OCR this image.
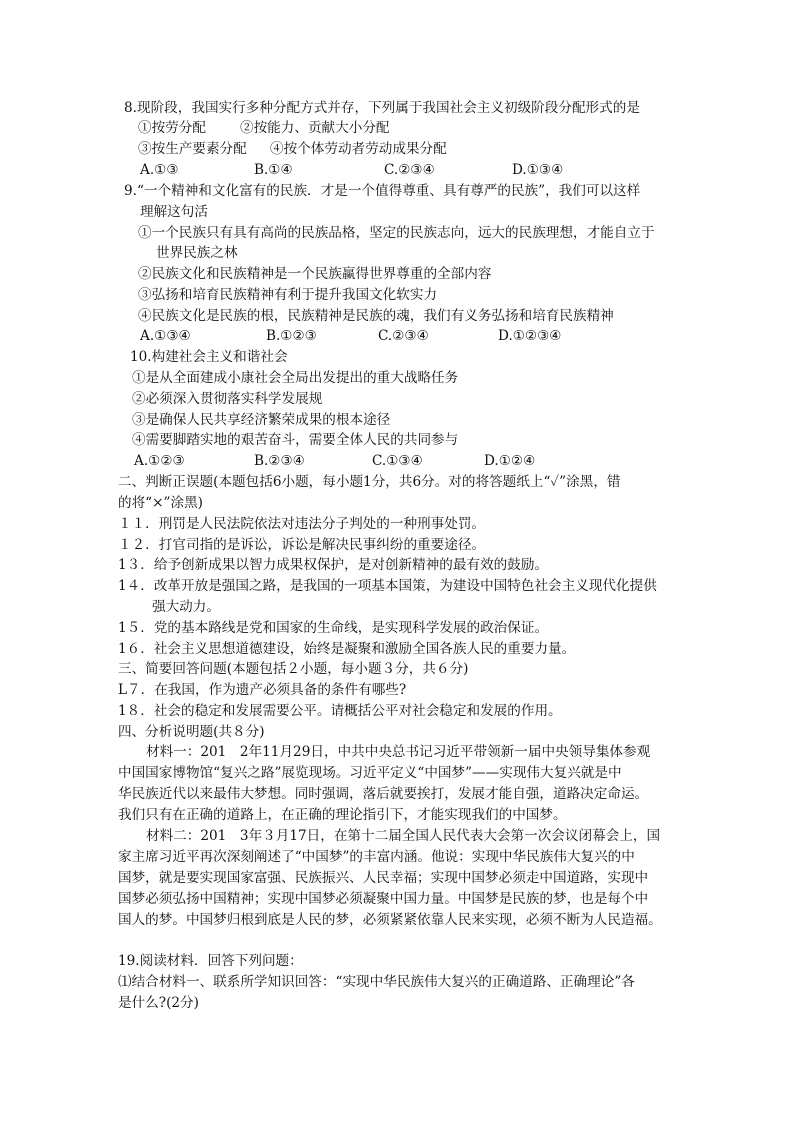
8.现阶段，我国实行多种分配方式并存，下列属于我国社会主义初级阶段分配形式的是
①按劳分配	②按能力、贡献大小分配
③按生产要素分配 ④按个体劳动者劳动成果分配
A.①③	B.①④	C.②③④	D.①③④
9.“一个精神和文化富有的民族．才是一个值得尊重、具有尊严的民族”，我们可以这样
理解这句活
①一个民族只有具有高尚的民族品格，坚定的民族志向，远大的民族理想，才能自立于
世界民族之林
②民族文化和民族精神是一个民族赢得世界尊重的全部内容
③弘扬和培育民族精神有利于提升我国文化软实力
④民族文化是民族的根，民族精神是民族的魂，我们有义务弘扬和培育民族精神
A.①③④	B.①②③	C.②③④	D.①②③④
10.构建社会主义和谐社会
①是从全面建成小康社会全局出发提出的重大战略任务
②必须深入贯彻落实科学发展规
③是确保人民共享经济繁荣成果的根本途径
④需要脚踏实地的艰苦奋斗，需要全体人民的共同参与
A.①②③	B.②③④	C.①③④	D.①②④
二、判断正误题(本题包括6小题，每小题1分，共6分。对的将答题纸上“✓”涂黑，错
的将“×”涂黑)
１１．刑罚是人民法院依法对违法分子判处的一种刑事处罚。
１２．打官司指的是诉讼，诉讼是解决民事纠纷的重要途径。
1３．给予创新成果以智力成果权保护，是对创新精神的最有效的鼓励。
1４．改革开放是强国之路，是我国的一项基本国策，为建设中国特色社会主义现代化提供
强大动力。
1５．党的基本路线是党和国家的生命线，是实现科学发展的政治保证。
1６．社会主义思想道德建设，始终是凝聚和激励全国各族人民的重要力量。
三、简要回答问题(本题包括２小题，每小题３分，共６分)
L７．在我国，作为遗产必须具备的条件有哪些?
1８．社会的稳定和发展需要公平。请概括公平对社会稳定和发展的作用。
四、分析说明题(共８分)
材料一：201　2年11月29日，中共中央总书记习近平带领新一届中央领导集体参观
中国国家博物馆“复兴之路”展览现场。习近平定义“中国梦”——实现伟大复兴就是中
华民族近代以来最伟大梦想。同时强调，落后就要挨打，发展才能自强，道路决定命运。
我们只有在正确的道路上，在正确的理论指引下，才能实现我们的中国梦。
材料二：201　3年３月17日，在第十二届全国人民代表大会第一次会议闭幕会上，国
家主席习近平再次深刻阐述了“中国梦”的丰富内涵。他说：实现中华民族伟大复兴的中
国梦，就是要实现国家富强、民族振兴、人民幸福；实现中国梦必须走中国道路，实现中
国梦必须弘扬中国精神；实现中国梦必须凝聚中国力量。中国梦是民族的梦，也是每个中
国人的梦。中国梦归根到底是人民的梦，必须紧紧依靠人民来实现，必须不断为人民造福。
19.阅读材料．回答下列问题：
⑴结合材料一、联系所学知识回答：“实现中华民族伟大复兴的正确道路、正确理论”各
是什么?(2分)
